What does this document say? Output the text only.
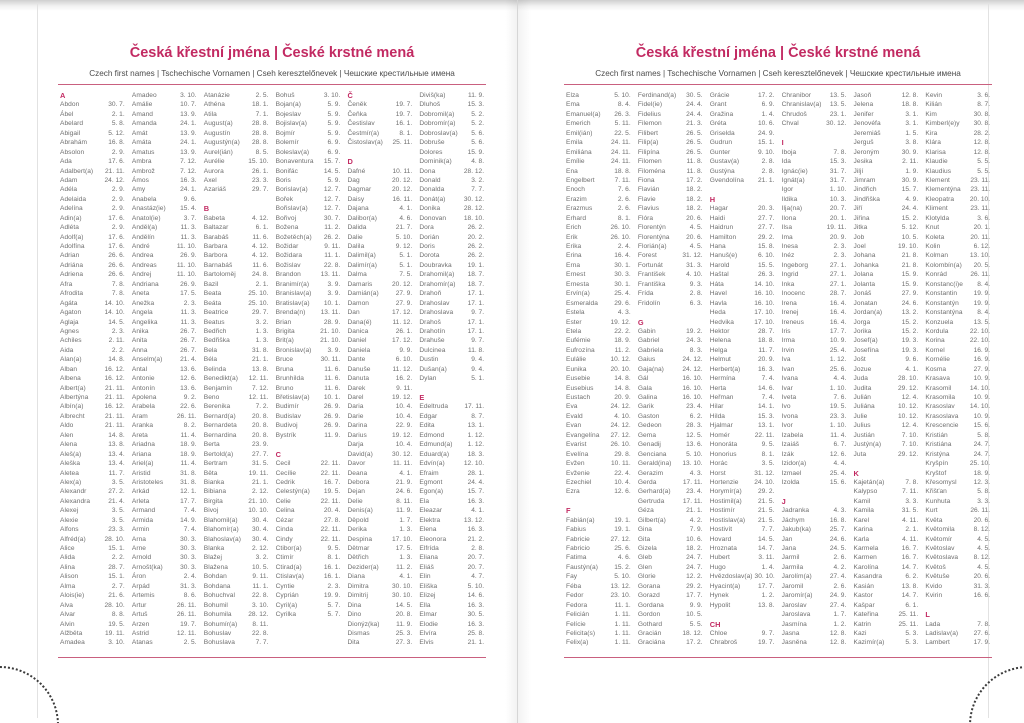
Česká křestní jména | České krstné mená
Czech first names | Tschechische Vornamen | Cseh keresztelőnevek | Чешские крестильные имена
A
Abdon	30. 7.
Ábel	2. 1.
Abelard	5. 8.
Abigail	5. 12.
Abrahám	16. 8.
Absolon	2. 9.
Ada	17. 6.
Adalbert(a)	21. 11.
Adam	24. 12.
Adéla	2. 9.
Adelaida	2. 9.
Adelína	2. 9.
Adin(a)	17. 6.
Adléta	2. 9.
Adolf(a)	17. 6.
Adolfína	17. 6.
Adrian	26. 6.
Adriána	26. 6.
Adriena	26. 6.
Afra	7. 8.
Afrodita	7. 8.
Agáta	14. 10.
Agaton	14. 10.
Aglaja	14. 5.
Agnes	2. 3.
Achiles	2. 11.
Aida	2. 2.
Alan(a)	14. 8.
Alban	16. 12.
Albena	16. 12.
Albert(a)	21. 11.
Albertýna	21. 11.
Albín(a)	16. 12.
Albrecht	21. 11.
Aldo	21. 11.
Alen	14. 8.
Alena	13. 8.
Aleš(a)	13. 4.
Aleška	13. 4.
Aletea	11. 7.
Alex(a)	3. 5.
Alexandr	27. 2.
Alexandra	21. 4.
Alexej	3. 5.
Alexie	3. 5.
Alfons	23. 3.
Alfréd(a)	28. 10.
Alice	15. 1.
Alida	2. 2.
Alina	28. 7.
Alison	15. 1.
Alma	2. 7.
Alois(ie)	21. 6.
Alva	28. 10.
Alvar	8. 8.
Alvin	19. 5.
Alžběta	19. 11.
Amadea	3. 10.
Amadeo	3. 10.
Amálie	10. 7.
Amand	13. 9.
Amanda	24. 1.
Amát	13. 9.
Amáta	24. 1.
Amatus	13. 9.
Ambra	7. 12.
Ambrož	7. 12.
Ámos	16. 3.
Amy	24. 1.
Anabela	9. 6.
Anastáz(ie)	15. 4.
Anatol(ie)	3. 7.
Anděl(a)	11. 3.
Andělín	11. 3.
André	11. 10.
Andrea	26. 9.
Andreas	11. 10.
Andrej	11. 10.
Andriana	26. 9.
Aneta	17. 5.
Anežka	2. 3.
Angela	11. 3.
Angelika	11. 3.
Anika	26. 7.
Anita	26. 7.
Anna	26. 7.
Anselm(a)	21. 4.
Antal	13. 6.
Antonie	12. 6.
Antonín	13. 6.
Apolena	9. 2.
Arabela	22. 6.
Aram	26. 11.
Aranka	8. 2.
Areta	11. 4.
Ariadna	18. 9.
Ariana	18. 9.
Ariel(a)	11. 4.
Aristid	31. 8.
Aristoteles	31. 8.
Arkád	12. 1.
Arleta	17. 7.
Armand	7. 4.
Armida	14. 9.
Armin	7. 4.
Arna	30. 3.
Arne	30. 3.
Arnold	30. 3.
Arnošt(ka)	30. 3.
Áron	2. 4.
Arpád	31. 3.
Artemis	8. 6.
Artur	26. 11.
Artuš	26. 11.
Arzen	19. 7.
Astrid	12. 11.
Atanas	2. 5.
Atanázie	2. 5.
Athéna	18. 1.
Atila	7. 1.
August(a)	28. 8.
Augustín	28. 8.
Augustýn(a)	28. 8.
Aurel(ián)	8. 5.
Aurélie	15. 10.
Aurora	26. 1.
Axel	23. 3.
Azariáš	29. 7.
B
Babeta	4. 12.
Baltazar	6. 1.
Barabáš	11. 6.
Barbara	4. 12.
Barbora	4. 12.
Barnabáš	11. 6.
Bartoloměj	24. 8.
Bazil	2. 1.
Beata	25. 10.
Beáta	25. 10.
Beatrice	29. 7.
Beatus	3. 2.
Bedřich	1. 3.
Bedřiška	1. 3.
Bela	31. 8.
Béla	21. 1.
Belinda	13. 8.
Benedikt(a)	12. 11.
Benjamín	7. 12.
Beno	12. 11.
Berenika	7. 2.
Bernard(a)	20. 8.
Bernardeta	20. 8.
Bernardina	20. 8.
Berta	23. 9.
Bertold(a)	27. 7.
Bertram	31. 5.
Běta	19. 11.
Bianka	21. 1.
Bibiana	2. 12.
Birgita	21. 10.
Bivoj	10. 10.
Blahomil(a)	30. 4.
Blahomír(a)	30. 4.
Blahoslav(a)	30. 4.
Blanka	2. 12.
Blažej	3. 2.
Blažena	10. 5.
Bohdan	9. 11.
Bohdana	11. 1.
Bohuchval	22. 8.
Bohumil	3. 10.
Bohumila	28. 12.
Bohumír(a)	8. 11.
Bohuslav	22. 8.
Bohuslava	7. 7.
Bohuš	3. 10.
Bojan(a)	5. 9.
Bojeslav	5. 9.
Bojislav(a)	5. 9.
Bojmír	5. 9.
Bolemír	6. 9.
Boleslav(a)	6. 9.
Bonaventura	15. 7.
Bonifác	14. 5.
Boris	5. 9.
Borislav(a)	12. 7.
Bořek	12. 7.
Bořislav(a)	12. 7.
Bořivoj	30. 7.
Božena	11. 2.
Božetěch(a)	26. 2.
Božidar	9. 11.
Božidara	11. 1.
Božislav	22. 8.
Brandon	13. 11.
Branimír(a)	3. 9.
Branislav(a)	3. 9.
Bratislav(a)	10. 1.
Brenda(n)	13. 11.
Brian	28. 9.
Brigita	21. 10.
Brit(a)	21. 10.
Bronislav(a)	3. 9.
Bruce	30. 11.
Bruna	11. 6.
Brunhilda	11. 6.
Bruno	11. 6.
Břetislav(a)	10. 1.
Budimír	26. 9.
Budislav	26. 9.
Budivoj	26. 9.
Bystrík	11. 9.
C
Cecil	22. 11.
Cecílie	22. 11.
Cedrik	16. 7.
Celestýn(a)	19. 5.
Celie	22. 11.
Celina	20. 4.
Cézar	27. 8.
Cinda	22. 11.
Cindy	22. 11.
Ctibor(a)	9. 5.
Ctimír	8. 1.
Ctirad(a)	16. 1.
Ctislav(a)	16. 1.
Cyntie	2. 3.
Cyprián	19. 9.
Cyril(a)	5. 7.
Cyrilka	5. 7.
Č
Čeněk	19. 7.
Čeňka	19. 7.
Čestislav	16. 1.
Čestmír(a)	8. 1.
Čistoslav(a)	25. 11.
D
Dafné	10. 11.
Dag	20. 12.
Dagmar	20. 12.
Daisy	16. 11.
Dajana	4. 1.
Dalibor(a)	4. 6.
Dalida	21. 7.
Dalie	5. 10.
Dalila	9. 12.
Dalimil(a)	5. 1.
Dalimír(a)	5. 1.
Dalma	7. 5.
Damaris	20. 12.
Damián(a)	27. 9.
Damon	27. 9.
Dan	17. 12.
Dana(é)	11. 12.
Danica	26. 1.
Daniel	17. 12.
Daniela	9. 9.
Dante	6. 10.
Danuše	11. 12.
Danuta	16. 2.
Darek	9. 11.
Darel	19. 12.
Daria	10. 4.
Darie	10. 4.
Darina	22. 9.
Darius	19. 12.
Darja	10. 4.
David(a)	30. 12.
Davor	11. 11.
Deana	4. 1.
Debora	21. 9.
Dejan	24. 6.
Delie	8. 11.
Denis(a)	11. 9.
Děpold	1. 7.
Derika	1. 3.
Despina	17. 10.
Dětmar	17. 5.
Dětřich	1. 3.
Dezider(a)	11. 2.
Diana	4. 1.
Dimitra	30. 10.
Dimitrij	30. 10.
Dina	14. 5.
Dino	20. 8.
Dionýz(ka)	11. 9.
Dismas	25. 3.
Dita	27. 3.
Diviš(ka)	11. 9.
Dluhoš	15. 3.
Dobromil(a)	5. 2.
Dobromír(a)	5. 2.
Dobroslav(a)	5. 6.
Dobruše	5. 6.
Dolores	15. 9.
Dominik(a)	4. 8.
Dona	28. 12.
Donald	3. 2.
Donalda	7. 7.
Donát(a)	30. 12.
Donika	28. 12.
Donovan	18. 10.
Dora	26. 2.
Dorián	20. 2.
Doris	26. 2.
Dorota	26. 2.
Doubravka	19. 1.
Drahomil(a)	18. 7.
Drahomír(a)	18. 7.
Drahoň	17. 1.
Drahoslav	17. 1.
Drahoslava	9. 7.
Drahoš	17. 1.
Drahotín	17. 1.
Drahuše	9. 7.
Dulcinea	11. 8.
Dustin	9. 4.
Dušan(a)	9. 4.
Dylan	5. 1.
E
Edeltruda	17. 11.
Edgar	8. 7.
Edita	13. 1.
Edmond	1. 12.
Edmund(a)	1. 12.
Eduard(a)	18. 3.
Edvín(a)	12. 10.
Efraim	28. 1.
Egmont	24. 4.
Egon(a)	15. 7.
Ela	16. 3.
Eleazar	4. 1.
Elektra	13. 12.
Elena	16. 3.
Eleonora	21. 2.
Elfrída	2. 8.
Eliana	20. 7.
Eliáš	20. 7.
Elin	4. 7.
Eliška	5. 10.
Elizej	14. 6.
Ella	16. 3.
Elmar	30. 5.
Elodie	16. 3.
Elvíra	25. 8.
Elvis	21. 1.
Česká křestní jména | České krstné mená
Czech first names | Tschechische Vornamen | Cseh keresztelőnevek | Чешские крестильные имена
Elza	5. 10.
Ema	8. 4.
Emanuel(a)	26. 3.
Emerich	5. 11.
Emil(ián)	22. 5.
Emila	24. 11.
Emiliána	24. 11.
Emílie	24. 11.
Ena	18. 8.
Engelbert	7. 11.
Enoch	7. 6.
Erazim	2. 6.
Erazmus	2. 6.
Erhard	8. 1.
Erich	26. 10.
Erik	26. 10.
Erika	2. 4.
Erina	16. 4.
Erna	30. 1.
Ernest	30. 3.
Ernesta	30. 1.
Ervín(a)	25. 4.
Esmeralda	29. 6.
Estela	4. 3.
Ester	19. 12.
Etela	22. 2.
Eufémie	18. 9.
Eufrozína	11. 2.
Eulálie	10. 12.
Eunika	20. 10.
Eusebie	14. 8.
Eusebius	14. 8.
Eustach	20. 9.
Eva	24. 12.
Evald	4. 10.
Evan	24. 12.
Evangelína	27. 12.
Evarist	26. 10.
Evelína	29. 8.
Evžen	10. 11.
Evženie	22. 4.
Ezechiel	10. 4.
Ezra	12. 6.
F
Fabián(a)	19. 1.
Fabius	19. 1.
Fabricie	27. 12.
Fabricio	25. 6.
Fatima	4. 6.
Faustýn(a)	15. 2.
Fay	5. 10.
Féba	13. 12.
Fedor	23. 10.
Fedora	11. 1.
Felicián	1. 11.
Felície	1. 11.
Felicita(s)	1. 11.
Felix(a)	1. 11.
Ferdinand(a)	30. 5.
Fidel(ie)	24. 4.
Fidelius	24. 4.
Filemon	21. 3.
Filibert	26. 5.
Filip(a)	26. 5.
Filipína	26. 5.
Filomen	11. 8.
Filoména	11. 8.
Fiona	17. 2.
Flavián	18. 2.
Flavie	18. 2.
Flavius	18. 2.
Flóra	20. 6.
Florentýn	4. 5.
Florentýna	20. 6.
Florián(a)	4. 5.
Forest	31. 12.
Fortunát	31. 3.
František	4. 10.
Františka	9. 3.
Frída	2. 8.
Fridolín	6. 3.
G
Gabin	19. 2.
Gabriel	24. 3.
Gabriela	8. 3.
Gaius	24. 12.
Gaja(na)	24. 12.
Gál	16. 10.
Gala	16. 10.
Galina	16. 10.
Garik	23. 4.
Gaston	6. 2.
Gedeon	28. 3.
Gema	12. 5.
Genadij	13. 6.
Genciana	5. 10.
Gerald(ina)	13. 10.
Gerazim	4. 3.
Gerda	17. 11.
Gerhard(a)	23. 4.
Gertruda	17. 11.
Géza	21. 1.
Gilbert(a)	4. 2.
Gina	7. 9.
Gita	10. 6.
Gizela	18. 2.
Gleb	24. 7.
Glen	24. 7.
Glorie	12. 2.
Gorana	29. 2.
Gorazd	17. 7.
Gordana	9. 9.
Gordon	10. 5.
Gothard	5. 5.
Gracián	18. 12.
Graciána	17. 2.
Grácie	17. 2.
Grant	6. 9.
Gražina	1. 4.
Gréta	10. 6.
Griselda	24. 9.
Gudrun	15. 1.
Gunter	9. 10.
Gustav(a)	2. 8.
Gustýna	2. 8.
Gvendolína	21. 1.
H
Hagar	20. 3.
Haidi	27. 7.
Haidrun	27. 7.
Hamilton	29. 2.
Hana	15. 8.
Hanuš(e)	6. 10.
Harold	15. 5.
Haštal	26. 3.
Háta	14. 10.
Havel	16. 10.
Havla	16. 10.
Heda	17. 10.
Hedvika	17. 10.
Hektor	28. 7.
Helena	18. 8.
Helga	11. 7.
Helmut	20. 9.
Herbert(a)	16. 3.
Hermína	7. 4.
Herta	14. 6.
Heřman	7. 4.
Hilar	14. 1.
Hilda	15. 3.
Hjalmar	13. 1.
Homér	22. 11.
Honoráta	9. 5.
Honorius	8. 1.
Horác	3. 5.
Horst	31. 12.
Hortenzie	24. 10.
Horymír(a)	29. 2.
Hostimil(a)	21. 5.
Hostimír	21. 5.
Hostislav(a)	21. 5.
Hostivít	7. 7.
Hovard	14. 5.
Hroznata	14. 7.
Hubert	3. 11.
Hugo	1. 4.
Hvězdoslav(a) 30. 10.
Hyacint(a)	17. 7.
Hynek	1. 2.
Hypolit	13. 8.
CH
Chloe	9. 7.
Chrabroš	19. 7.
Chranibor	13. 5.
Chranislav(a)	13. 5.
Chrudoš	23. 1.
Chval	30. 12.
I
Iboja	7. 8.
Ida	15. 3.
Ignác(ie)	31. 7.
Ignát(a)	31. 7.
Igor	1. 10.
Ildika	10. 3.
Ilja(na)	20. 7.
Ilona	20. 1.
Ilsa	19. 11.
Ima	20. 9.
Inesa	2. 3.
Inéz	2. 3.
Ingeborg	27. 1.
Ingrid	27. 1.
Inka	27. 1.
Inocenc	28. 7.
Irena	16. 4.
Irenej	16. 4.
Ireneus	16. 4.
Iris	17. 7.
Irma	10. 9.
Irvin	25. 4.
Iva	1. 12.
Ivan	25. 6.
Ivana	4. 4.
Ivar	1. 10.
Iveta	7. 6.
Ivo	19. 5.
Ivona	23. 3.
Ivor	1. 10.
Izabela	11. 4.
Izaiáš	6. 7.
Izák	12. 6.
Izidor(a)	4. 4.
Izmael	25. 4.
Izolda	15. 6.
J
Jadranka	4. 3.
Jáchym	16. 8.
Jakub(ka)	25. 7.
Jan	24. 6.
Jana	24. 5.
Jarmil	2. 6.
Jarmila	4. 2.
Jarolím(a)	27. 4.
Jaromil	2. 6.
Jaromír(a)	24. 9.
Jaroslav	27. 4.
Jaroslava	1. 7.
Jasmína	1. 2.
Jasna	12. 8.
Jasněna	12. 8.
Jasoň	12. 8.
Jelena	18. 8.
Jenifer	3. 1.
Jenovéfa	3. 1.
Jeremiáš	1. 5.
Jerguš	3. 8.
Jeroným	30. 9.
Jesika	2. 11.
Jiljí	1. 9.
Jimram	30. 9.
Jindřich	15. 7.
Jindřiška	4. 9.
Jiří	24. 4.
Jiřina	15. 2.
Jitka	5. 12.
Job	10. 5.
Joel	19. 10.
Johana	21. 8.
Johanka	21. 8.
Jolana	15. 9.
Jolanta	15. 9.
Jonáš	27. 9.
Jonatan	24. 6.
Jordan(a)	13. 2.
Jorga	15. 2.
Jorika	15. 2.
Josef(a)	19. 3.
Josefína	19. 3.
Jošt	9. 6.
Jozue	4. 1.
Juda	28. 10.
Judita	29. 12.
Julián	12. 4.
Juliána	10. 12.
Julie	10. 12.
Julius	12. 4.
Justián	7. 10.
Justýn(a)	7. 10.
Juta	29. 12.
K
Kajetán(a)	7. 8.
Kalypso	7. 11.
Kamil	3. 3.
Kamila	31. 5.
Karel	4. 11.
Karina	2. 1.
Karla	4. 11.
Karmela	16. 7.
Karmen	16. 7.
Karolína	14. 7.
Kasandra	6. 2.
Kasián	13. 8.
Kastor	14. 7.
Kašpar	6. 1.
Kateřina	25. 11.
Katrin	25. 11.
Kazi	5. 3.
Kazimír(a)	5. 3.
Kevin	3. 6.
Kilián	8. 7.
Kim	30. 8.
Kimberl(e)y	30. 8.
Kira	28. 2.
Klára	12. 8.
Klarisa	12. 8.
Klaudie	5. 5.
Klaudius	5. 5.
Klement	23. 11.
Klementýna	23. 11.
Kleopatra	20. 10.
Kliment	23. 11.
Klotylda	3. 6.
Knut	20. 1.
Koleta	20. 11.
Kolin	6. 12.
Kolman	13. 10.
Kolombín(a)	20. 5.
Konrád	26. 11.
Konstanc(i)e	8. 4.
Konstantin	19. 9.
Konstantýn	19. 9.
Konstantýna	8. 4.
Konzuela	13. 5.
Kordula	22. 10.
Korina	22. 10.
Kornel	16. 9.
Kornélie	16. 9.
Kosma	27. 9.
Krasava	10. 9.
Krasomil	14. 10.
Krasomila	10. 9.
Krasoslav	14. 10.
Krasoslava	10. 9.
Krescencie	15. 6.
Kristián	5. 8.
Kristiána	24. 7.
Kristýna	24. 7.
Kryšpín	25. 10.
Kryštof	18. 9.
Křesomysl	12. 3.
Křišťan	5. 8.
Kunhuta	3. 3.
Kurt	26. 11.
Květa	20. 6.
Květomila	8. 12.
Květomír	4. 5.
Květoslav	4. 5.
Květoslava	8. 12.
Květoš	4. 5.
Květuše	20. 6.
Kvido	31. 3.
Kvirin	16. 6.
L
Lada	7. 8.
Ladislav(a)	27. 6.
Lambert	17. 9.
